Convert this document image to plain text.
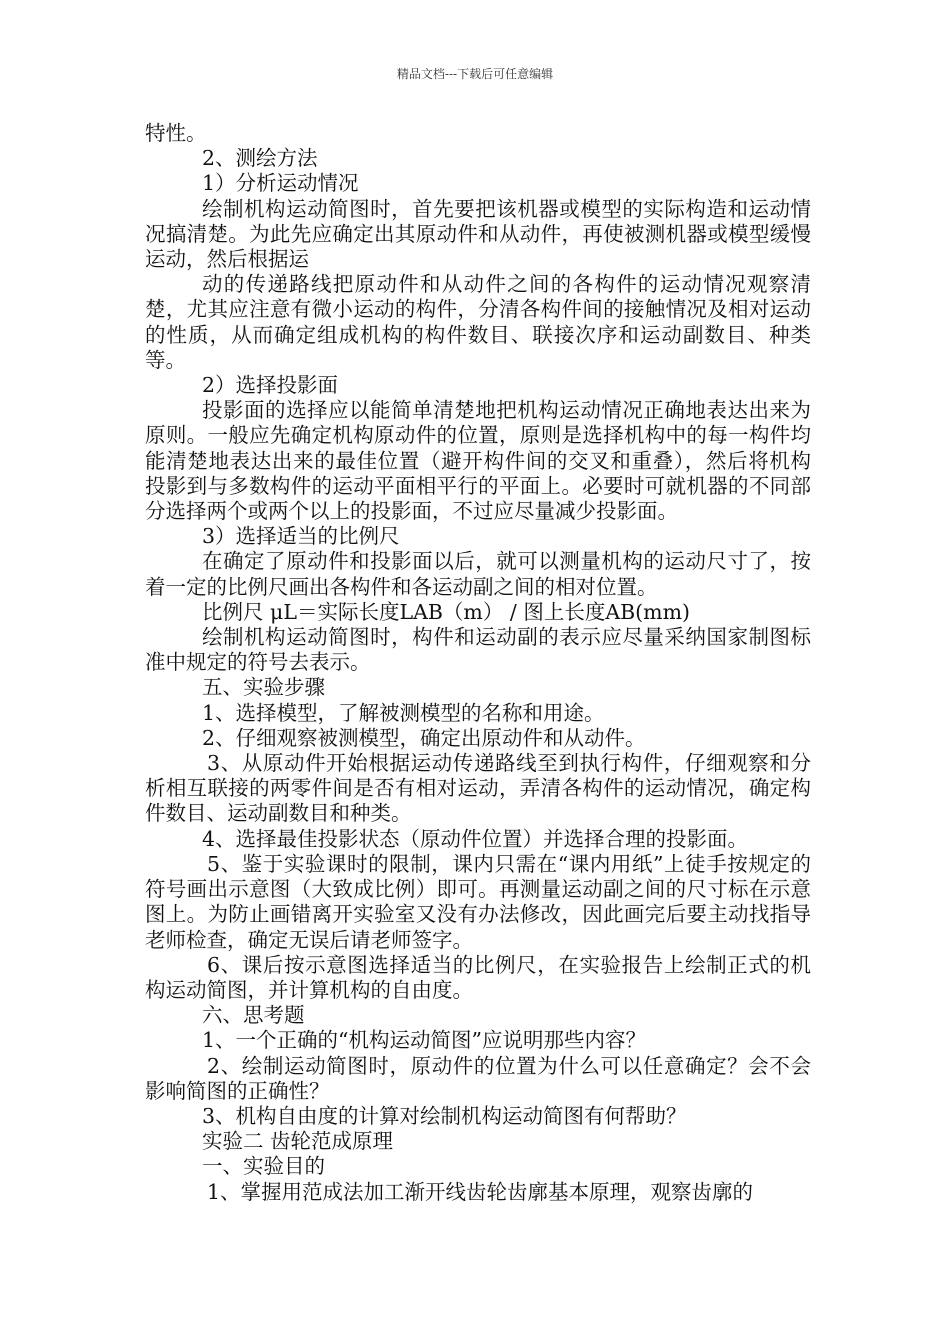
精品文档---下载后可任意编辑

特性。

2、测绘方法

1）分析运动情况

绘制机构运动简图时，首先要把该机器或模型的实际构造和运动情况搞清楚。为此先应确定出其原动件和从动件，再使被测机器或模型缓慢运动，然后根据运

动的传递路线把原动件和从动件之间的各构件的运动情况观察清楚，尤其应注意有微小运动的构件，分清各构件间的接触情况及相对运动的性质，从而确定组成机构的构件数目、联接次序和运动副数目、种类等。

2）选择投影面

投影面的选择应以能简单清楚地把机构运动情况正确地表达出来为原则。一般应先确定机构原动件的位置，原则是选择机构中的每一构件均能清楚地表达出来的最佳位置（避开构件间的交叉和重叠），然后将机构投影到与多数构件的运动平面相平行的平面上。必要时可就机器的不同部分选择两个或两个以上的投影面，不过应尽量减少投影面。

3）选择适当的比例尺

在确定了原动件和投影面以后，就可以测量机构的运动尺寸了，按着一定的比例尺画出各构件和各运动副之间的相对位置。

比例尺 μL＝实际长度LAB（m） / 图上长度AB(mm)

绘制机构运动简图时，构件和运动副的表示应尽量采纳国家制图标准中规定的符号去表示。

五、实验步骤

1、选择模型，了解被测模型的名称和用途。

2、仔细观察被测模型，确定出原动件和从动件。

3、从原动件开始根据运动传递路线至到执行构件，仔细观察和分析相互联接的两零件间是否有相对运动，弄清各构件的运动情况，确定构件数目、运动副数目和种类。

4、选择最佳投影状态（原动件位置）并选择合理的投影面。

5、鉴于实验课时的限制，课内只需在“课内用纸”上徒手按规定的符号画出示意图（大致成比例）即可。再测量运动副之间的尺寸标在示意图上。为防止画错离开实验室又没有办法修改，因此画完后要主动找指导老师检查，确定无误后请老师签字。

6、课后按示意图选择适当的比例尺，在实验报告上绘制正式的机构运动简图，并计算机构的自由度。

六、思考题

1、一个正确的“机构运动简图”应说明那些内容？

2、绘制运动简图时，原动件的位置为什么可以任意确定？会不会影响简图的正确性？

3、机构自由度的计算对绘制机构运动简图有何帮助？

实验二 齿轮范成原理

一、实验目的

1、掌握用范成法加工渐开线齿轮齿廓基本原理，观察齿廓的
